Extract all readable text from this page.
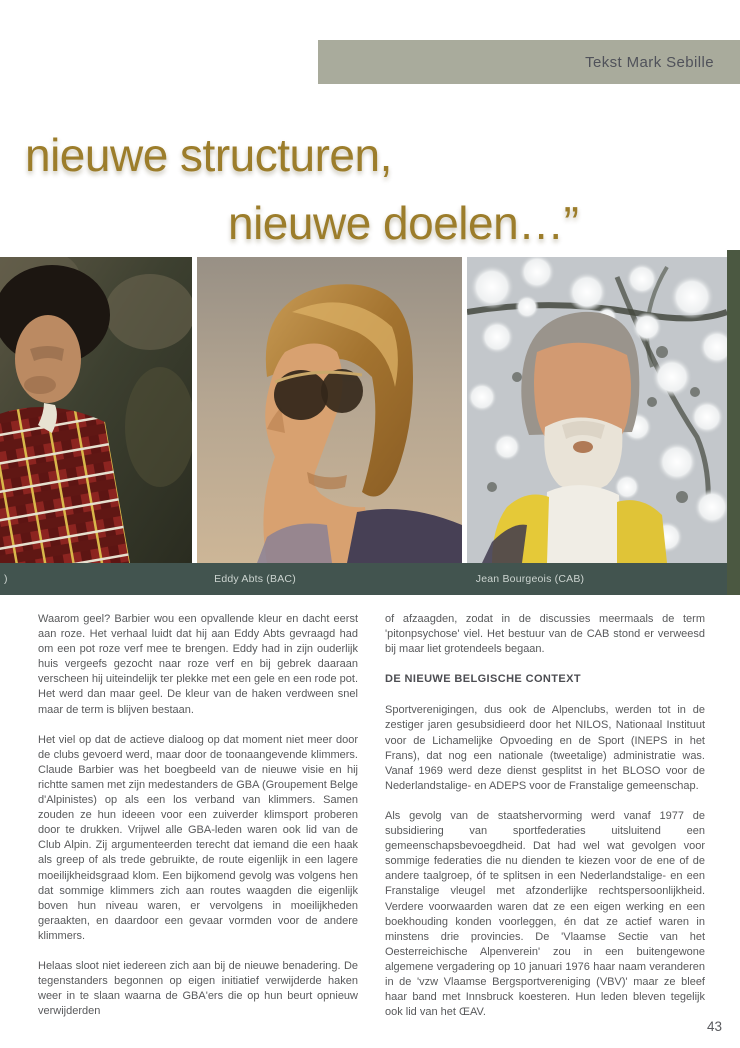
Tekst Mark Sebille
nieuwe structuren,
nieuwe doelen…”
)	Eddy Abts (BAC)	Jean Bourgeois (CAB)

Waarom geel? Barbier wou een opvallende kleur en dacht eerst aan roze. Het verhaal luidt dat hij aan Eddy Abts gevraagd had om een pot roze verf mee te brengen. Eddy had in zijn ouderlijk huis vergeefs gezocht naar roze verf en bij gebrek daaraan verscheen hij uiteindelijk ter plekke met een gele en een rode pot. Het werd dan maar geel. De kleur van de haken verdween snel maar de term is blijven bestaan.

Het viel op dat de actieve dialoog op dat moment niet meer door de clubs gevoerd werd, maar door de toonaangevende klimmers. Claude Barbier was het boegbeeld van de nieuwe visie en hij richtte samen met zijn medestanders de GBA (Groupement Belge d'Alpinistes) op als een los verband van klimmers. Samen zouden ze hun ideeen voor een zuiverder klimsport proberen door te drukken. Vrijwel alle GBA-leden waren ook lid van de Club Alpin. Zij argumenteerden terecht dat iemand die een haak als greep of als trede gebruikte, de route eigenlijk in een lagere moeilijkheidsgraad klom. Een bijkomend gevolg was volgens hen dat sommige klimmers zich aan routes waagden die eigenlijk boven hun niveau waren, er vervolgens in moeilijkheden geraakten, en daardoor een gevaar vormden voor de andere klimmers.

Helaas sloot niet iedereen zich aan bij de nieuwe benadering. De tegenstanders begonnen op eigen initiatief verwijderde haken weer in te slaan waarna de GBA'ers die op hun beurt opnieuw verwijderden

of afzaagden, zodat in de discussies meermaals de term 'pitonpsychose' viel. Het bestuur van de CAB stond er verweesd bij maar liet grotendeels begaan.

DE NIEUWE BELGISCHE CONTEXT

Sportverenigingen, dus ook de Alpenclubs, werden tot in de zestiger jaren gesubsidieerd door het NILOS, Nationaal Instituut voor de Lichamelijke Opvoeding en de Sport (INEPS in het Frans), dat nog een nationale (tweetalige) administratie was. Vanaf 1969 werd deze dienst gesplitst in het BLOSO voor de Nederlandstalige- en ADEPS voor de Franstalige gemeenschap.

Als gevolg van de staatshervorming werd vanaf 1977 de subsidiering van sportfederaties uitsluitend een gemeenschapsbevoegdheid. Dat had wel wat gevolgen voor sommige federaties die nu dienden te kiezen voor de ene of de andere taalgroep, óf te splitsen in een Nederlandstalige- en een Franstalige vleugel met afzonderlijke rechtspersoonlijkheid. Verdere voorwaarden waren dat ze een eigen werking en een boekhouding konden voorleggen, én dat ze actief waren in minstens drie provincies. De 'Vlaamse Sectie van het Oesterreichische Alpenverein' zou in een buitengewone algemene vergadering op 10 januari 1976 haar naam veranderen in de 'vzw Vlaamse Bergsportvereniging (VBV)' maar ze bleef haar band met Innsbruck koesteren. Hun leden bleven tegelijk ook lid van het ŒAV.

43
